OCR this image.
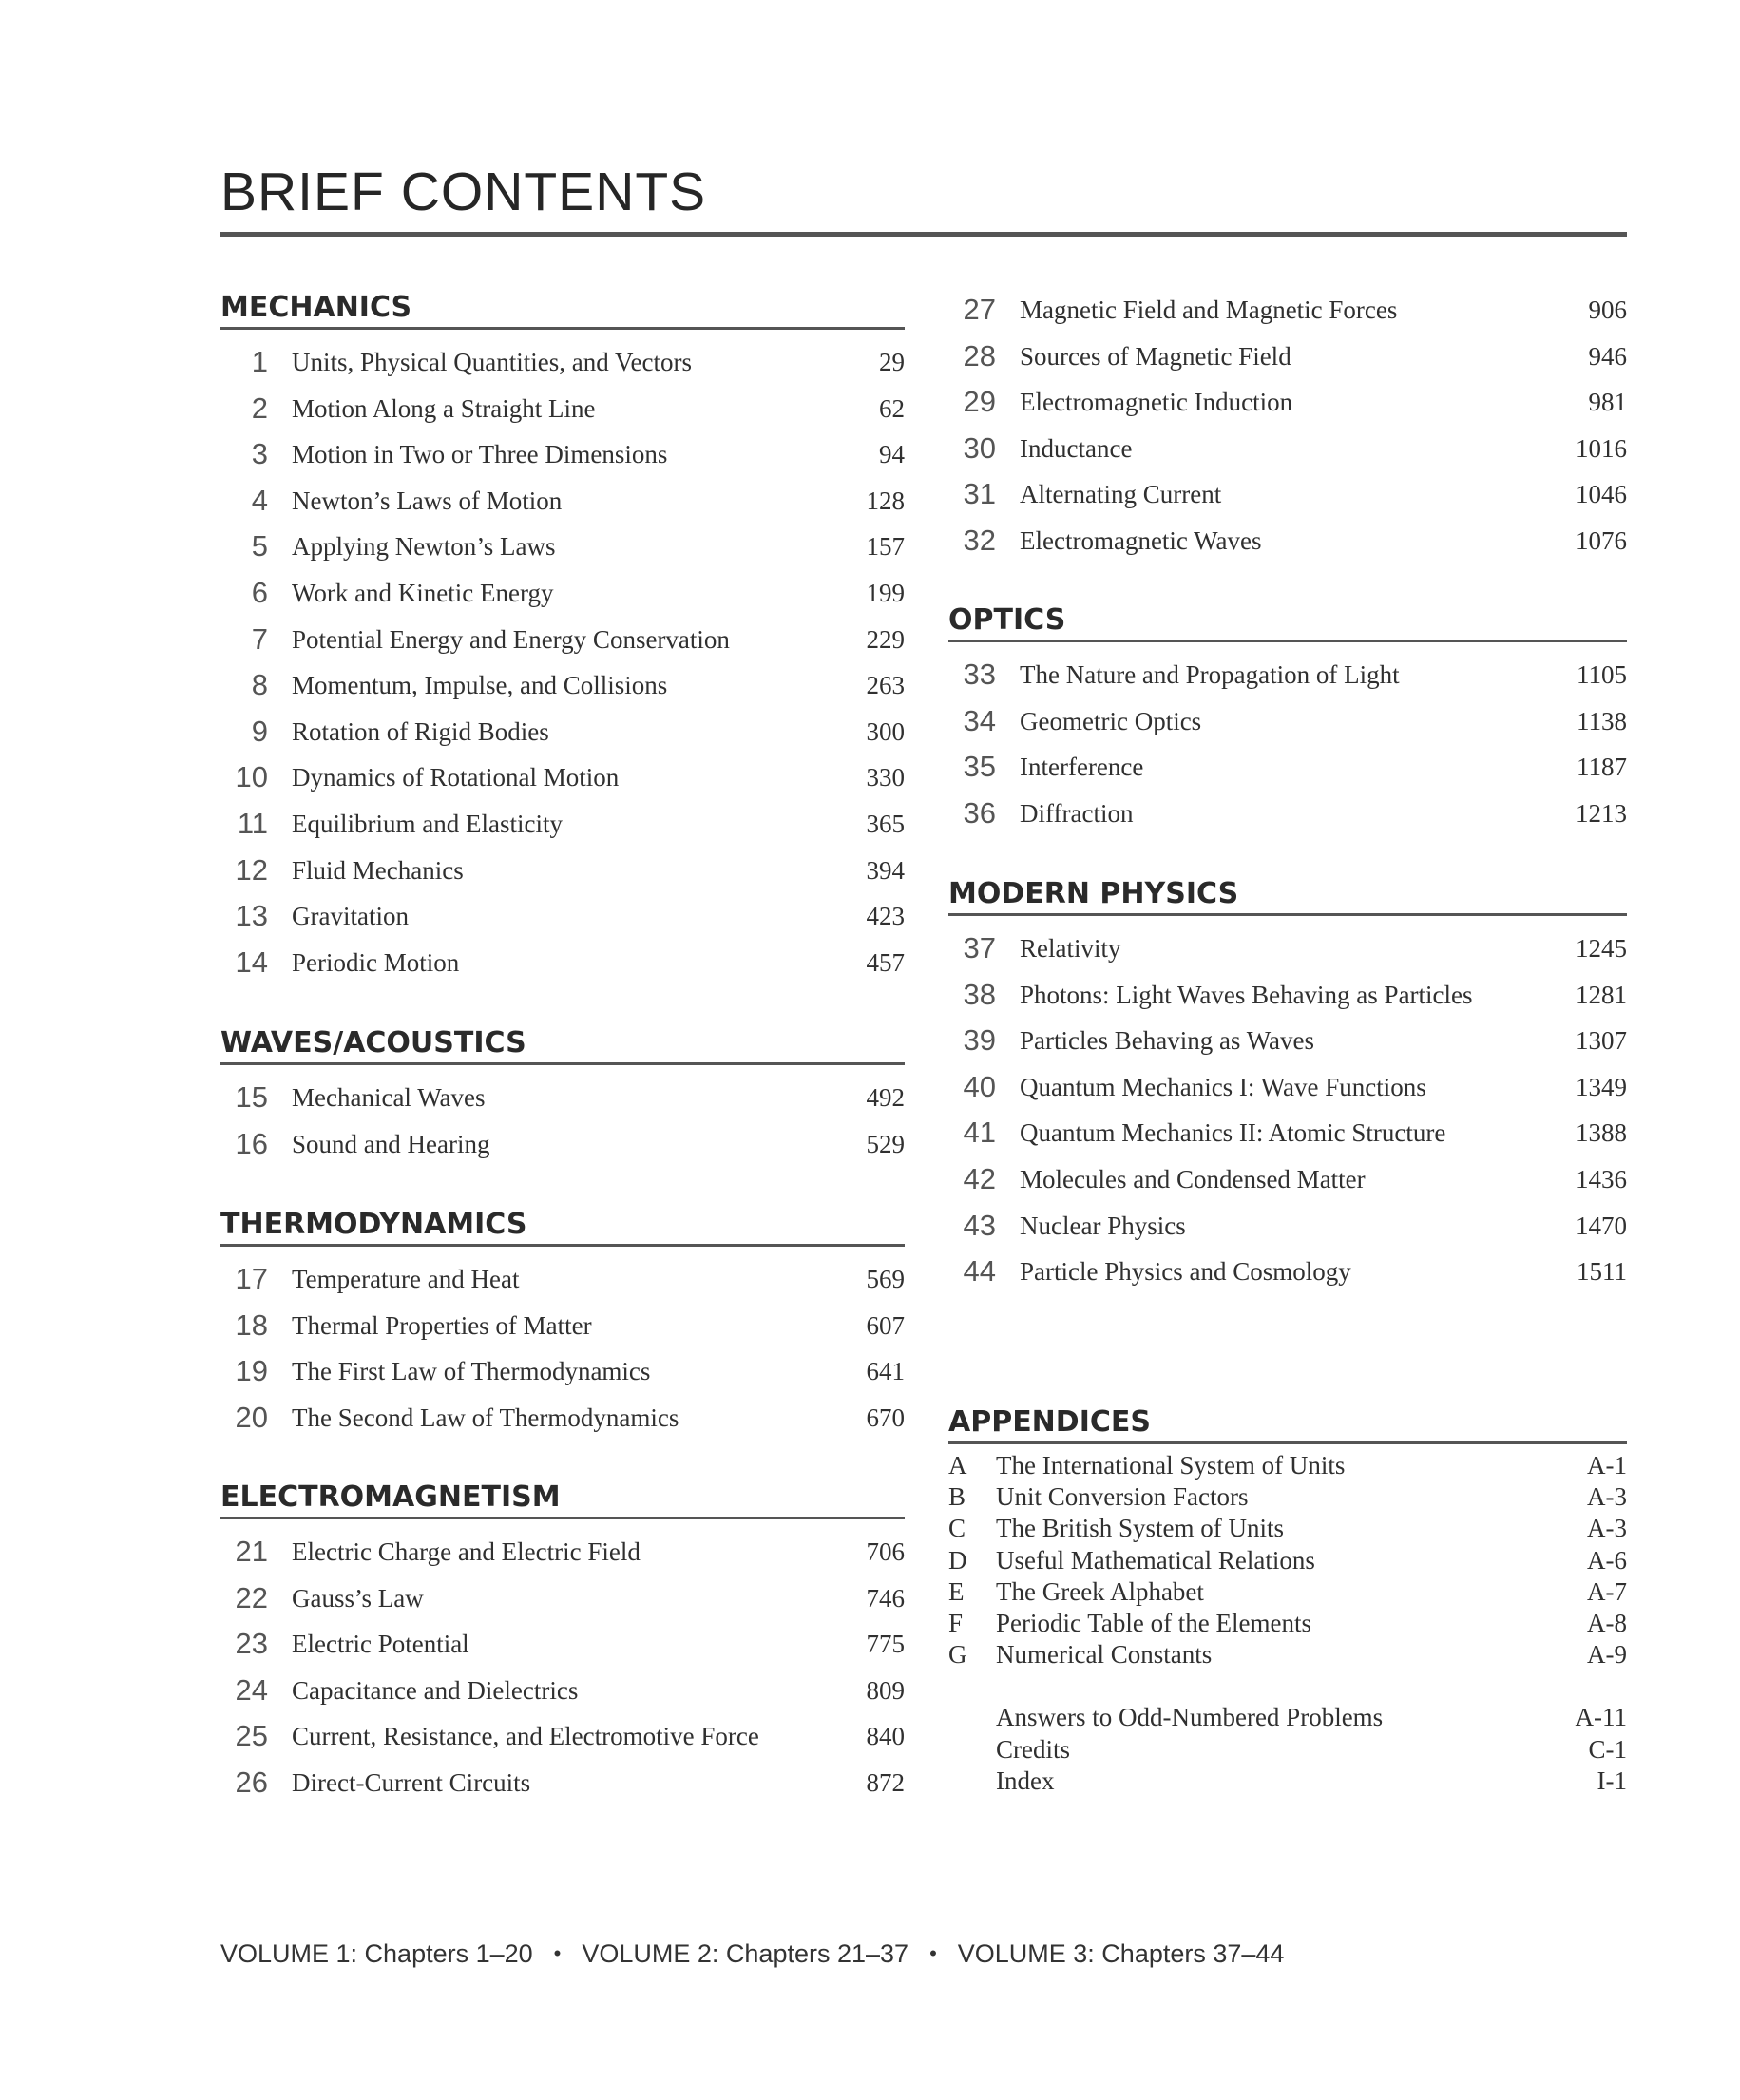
BRIEF CONTENTS
MECHANICS
1 Units, Physical Quantities, and Vectors	29
2 Motion Along a Straight Line	62
3 Motion in Two or Three Dimensions	94
4 Newton’s Laws of Motion	128
5 Applying Newton’s Laws	157
6 Work and Kinetic Energy	199
7 Potential Energy and Energy Conservation	229
8 Momentum, Impulse, and Collisions	263
9 Rotation of Rigid Bodies	300
10 Dynamics of Rotational Motion	330
11 Equilibrium and Elasticity	365
12 Fluid Mechanics	394
13 Gravitation	423
14 Periodic Motion	457
WAVES/ACOUSTICS
15 Mechanical Waves	492
16 Sound and Hearing	529
THERMODYNAMICS
17 Temperature and Heat	569
18 Thermal Properties of Matter	607
19 The First Law of Thermodynamics	641
20 The Second Law of Thermodynamics	670
ELECTROMAGNETISM
21 Electric Charge and Electric Field	706
22 Gauss’s Law	746
23 Electric Potential	775
24 Capacitance and Dielectrics	809
25 Current, Resistance, and Electromotive Force	840
26 Direct-Current Circuits	872
27 Magnetic Field and Magnetic Forces	906
28 Sources of Magnetic Field	946
29 Electromagnetic Induction	981
30 Inductance	1016
31 Alternating Current	1046
32 Electromagnetic Waves	1076
OPTICS
33 The Nature and Propagation of Light	1105
34 Geometric Optics	1138
35 Interference	1187
36 Diffraction	1213
MODERN PHYSICS
37 Relativity	1245
38 Photons: Light Waves Behaving as Particles	1281
39 Particles Behaving as Waves	1307
40 Quantum Mechanics I: Wave Functions	1349
41 Quantum Mechanics II: Atomic Structure	1388
42 Molecules and Condensed Matter	1436
43 Nuclear Physics	1470
44 Particle Physics and Cosmology	1511
APPENDICES
A The International System of Units	A-1
B Unit Conversion Factors	A-3
C The British System of Units	A-3
D Useful Mathematical Relations	A-6
E The Greek Alphabet	A-7
F Periodic Table of the Elements	A-8
G Numerical Constants	A-9
Answers to Odd-Numbered Problems	A-11
Credits	C-1
Index	I-1
VOLUME 1: Chapters 1–20 • VOLUME 2: Chapters 21–37 • VOLUME 3: Chapters 37–44
